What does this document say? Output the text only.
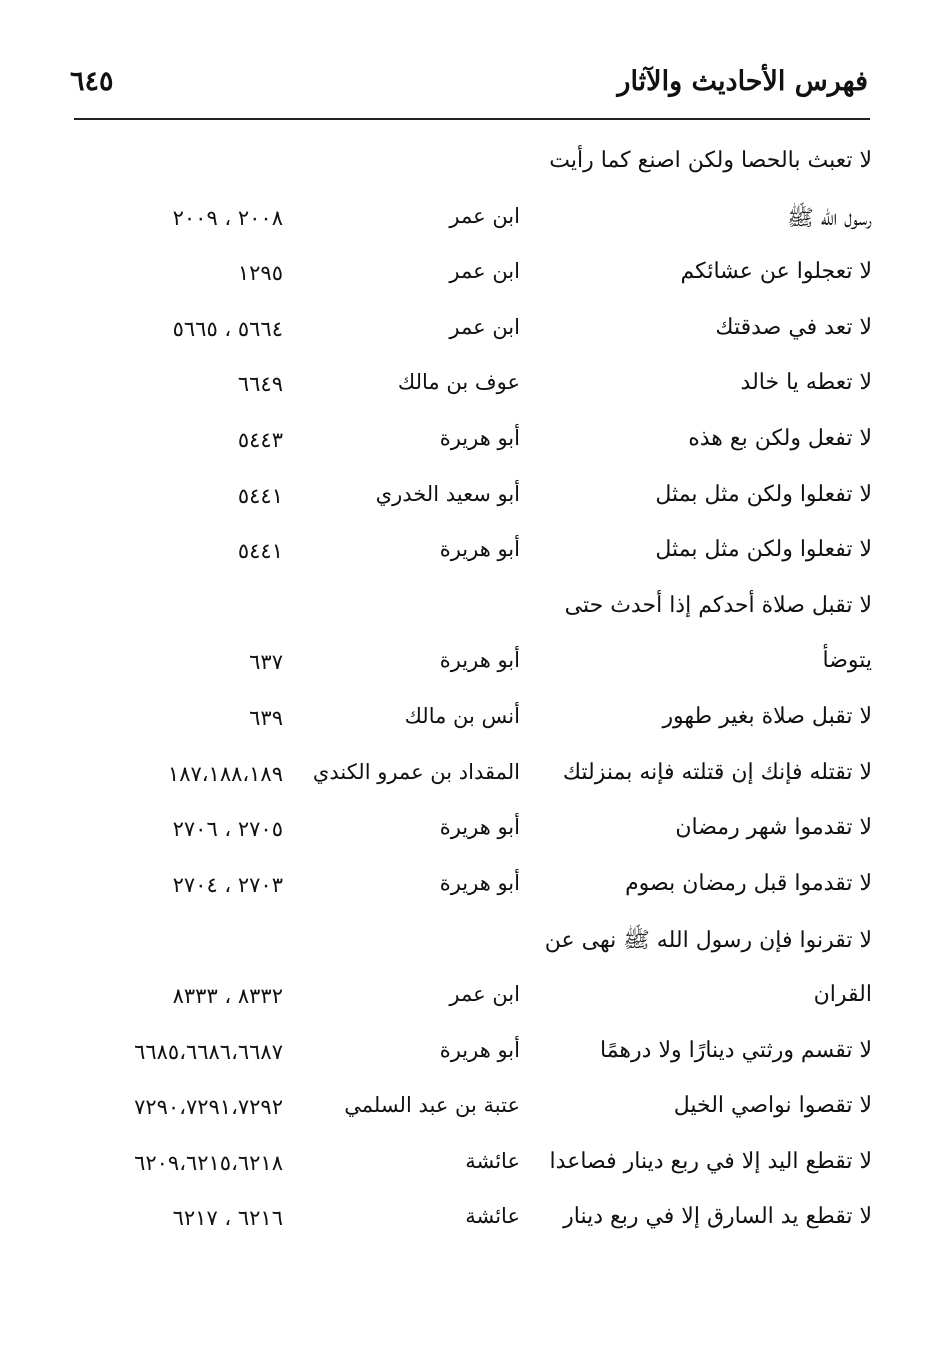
فهرس الأحاديث والآثار
٦٤٥
لا تعبث بالحصا ولكن اصنع كما رأيت
رسول الله ﷺ
ابن عمر
٢٠٠٨ ، ٢٠٠٩
لا تعجلوا عن عشائكم
ابن عمر
١٢٩٥
لا تعد في صدقتك
ابن عمر
٥٦٦٤ ، ٥٦٦٥
لا تعطه يا خالد
عوف بن مالك
٦٦٤٩
لا تفعل ولكن بع هذه
أبو هريرة
٥٤٤٣
لا تفعلوا ولكن مثل بمثل
أبو سعيد الخدري
٥٤٤١
لا تفعلوا ولكن مثل بمثل
أبو هريرة
٥٤٤١
لا تقبل صلاة أحدكم إذا أحدث حتى
يتوضأ
أبو هريرة
٦٣٧
لا تقبل صلاة بغير طهور
أنس بن مالك
٦٣٩
لا تقتله فإنك إن قتلته فإنه بمنزلتك
المقداد بن عمرو الكندي
١٨٧،١٨٨،١٨٩
لا تقدموا شهر رمضان
أبو هريرة
٢٧٠٥ ، ٢٧٠٦
لا تقدموا قبل رمضان بصوم
أبو هريرة
٢٧٠٣ ، ٢٧٠٤
لا تقرنوا فإن رسول الله ﷺ نهى عن
القران
ابن عمر
٨٣٣٢ ، ٨٣٣٣
لا تقسم ورثتي دينارًا ولا درهمًا
أبو هريرة
٦٦٨٥،٦٦٨٦،٦٦٨٧
لا تقصوا نواصي الخيل
عتبة بن عبد السلمي
٧٢٩٠،٧٢٩١،٧٢٩٢
لا تقطع اليد إلا في ربع دينار فصاعدا
عائشة
٦٢٠٩،٦٢١٥،٦٢١٨
لا تقطع يد السارق إلا في ربع دينار
عائشة
٦٢١٦ ، ٦٢١٧
